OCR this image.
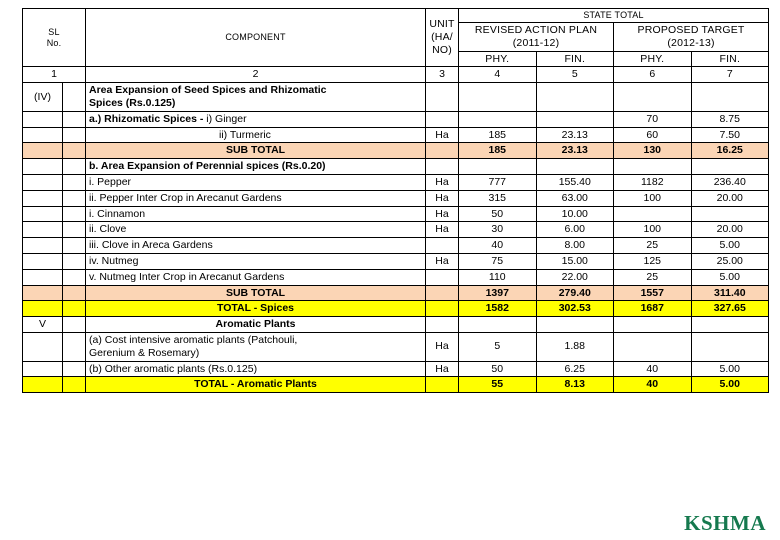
SL
No.
	COMPONENT	
UNIT
(HA/
NO)
	STATE TOTAL

REVISED ACTION PLAN
(2011-12)

PROPOSED TARGET
(2012-13)

				PHY.	FIN.	PHY.	FIN.
1		2	3	4	5	6	7
(IV)		Area Expansion of Seed Spices and Rhizomatic
Spices (Rs.0.125)					

		a.) Rhizomatic Spices - i) Ginger				70	8.75
		ii) Turmeric	Ha	185	23.13	60	7.50
		SUB TOTAL		185	23.13	130	16.25
		b. Area Expansion of Perennial spices (Rs.0.20)					
		i. Pepper	Ha	777	155.40	1182	236.40
		ii. Pepper Inter Crop in Arecanut Gardens	Ha	315	63.00	100	20.00
		i. Cinnamon	Ha	50	10.00		
		ii. Clove	Ha	30	6.00	100	20.00
		iii. Clove in Areca Gardens		40	8.00	25	5.00
		iv. Nutmeg	Ha	75	15.00	125	25.00
		v. Nutmeg Inter Crop in Arecanut Gardens		110	22.00	25	5.00
		SUB TOTAL		1397	279.40	1557	311.40
		TOTAL - Spices		1582	302.53	1687	327.65
V		Aromatic Plants					

		(a) Cost intensive aromatic plants (Patchouli,
Gerenium & Rosemary)	Ha	5	1.88		
		(b) Other aromatic plants (Rs.0.125)	Ha	50	6.25	40	5.00
		TOTAL - Aromatic Plants		55	8.13	40	5.00
KSHMA
